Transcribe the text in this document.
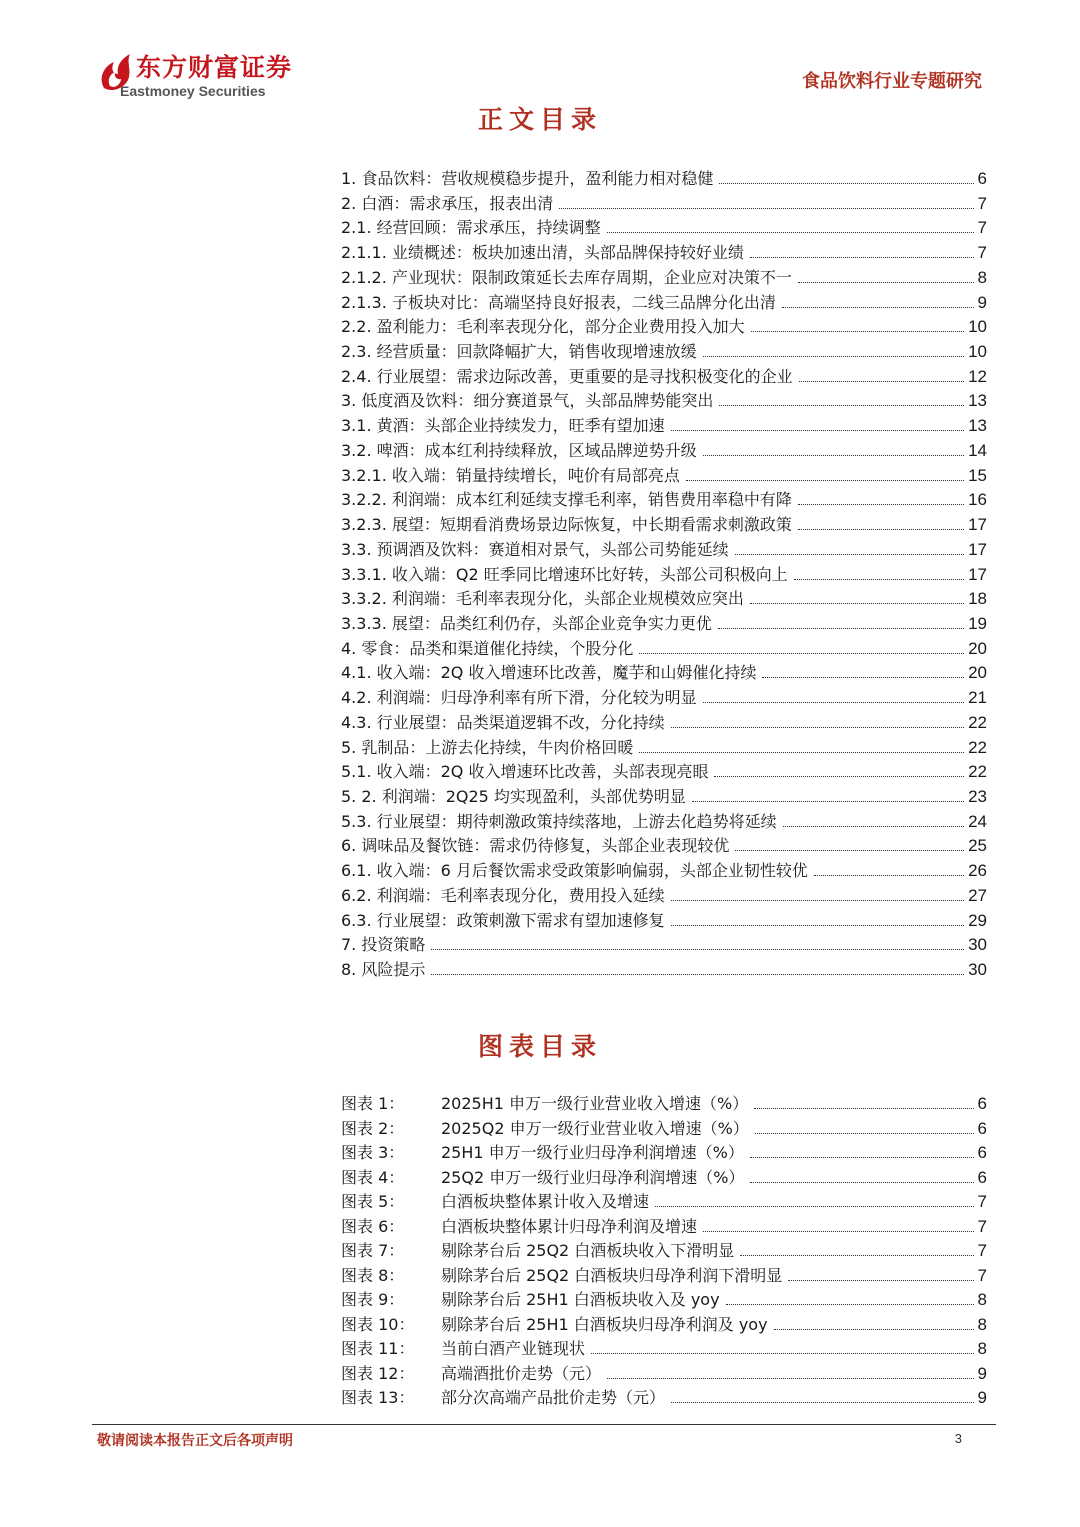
东方财富证券
Eastmoney Securities	食品饮料行业专题研究
正文目录
1. 食品饮料：营收规模稳步提升，盈利能力相对稳健	6
2. 白酒：需求承压，报表出清	7
2.1. 经营回顾：需求承压，持续调整	7
2.1.1. 业绩概述：板块加速出清，头部品牌保持较好业绩	7
2.1.2. 产业现状：限制政策延长去库存周期，企业应对决策不一	8
2.1.3. 子板块对比：高端坚持良好报表，二线三品牌分化出清	9
2.2. 盈利能力：毛利率表现分化，部分企业费用投入加大	10
2.3. 经营质量：回款降幅扩大，销售收现增速放缓	10
2.4. 行业展望：需求边际改善，更重要的是寻找积极变化的企业	12
3. 低度酒及饮料：细分赛道景气，头部品牌势能突出	13
3.1. 黄酒：头部企业持续发力，旺季有望加速	13
3.2. 啤酒：成本红利持续释放，区域品牌逆势升级	14
3.2.1. 收入端：销量持续增长，吨价有局部亮点	15
3.2.2. 利润端：成本红利延续支撑毛利率，销售费用率稳中有降	16
3.2.3. 展望：短期看消费场景边际恢复，中长期看需求刺激政策	17
3.3. 预调酒及饮料：赛道相对景气，头部公司势能延续	17
3.3.1. 收入端：Q2 旺季同比增速环比好转，头部公司积极向上	17
3.3.2. 利润端：毛利率表现分化，头部企业规模效应突出	18
3.3.3. 展望：品类红利仍存，头部企业竞争实力更优	19
4. 零食：品类和渠道催化持续，个股分化	20
4.1. 收入端：2Q 收入增速环比改善，魔芋和山姆催化持续	20
4.2. 利润端：归母净利率有所下滑，分化较为明显	21
4.3. 行业展望：品类渠道逻辑不改，分化持续	22
5. 乳制品：上游去化持续，牛肉价格回暖	22
5.1. 收入端：2Q 收入增速环比改善，头部表现亮眼	22
5. 2. 利润端：2Q25 均实现盈利，头部优势明显	23
5.3. 行业展望：期待刺激政策持续落地，上游去化趋势将延续	24
6. 调味品及餐饮链：需求仍待修复，头部企业表现较优	25
6.1. 收入端：6 月后餐饮需求受政策影响偏弱，头部企业韧性较优	26
6.2. 利润端：毛利率表现分化，费用投入延续	27
6.3. 行业展望：政策刺激下需求有望加速修复	29
7. 投资策略	30
8. 风险提示	30
图表目录
图表 1： 2025H1 申万一级行业营业收入增速（%）	6
图表 2： 2025Q2 申万一级行业营业收入增速（%）	6
图表 3： 25H1 申万一级行业归母净利润增速（%）	6
图表 4： 25Q2 申万一级行业归母净利润增速（%）	6
图表 5： 白酒板块整体累计收入及增速	7
图表 6： 白酒板块整体累计归母净利润及增速	7
图表 7： 剔除茅台后 25Q2 白酒板块收入下滑明显	7
图表 8： 剔除茅台后 25Q2 白酒板块归母净利润下滑明显	7
图表 9： 剔除茅台后 25H1 白酒板块收入及 yoy	8
图表 10： 剔除茅台后 25H1 白酒板块归母净利润及 yoy	8
图表 11： 当前白酒产业链现状	8
图表 12： 高端酒批价走势（元）	9
图表 13： 部分次高端产品批价走势（元）	9
敬请阅读本报告正文后各项声明	3
